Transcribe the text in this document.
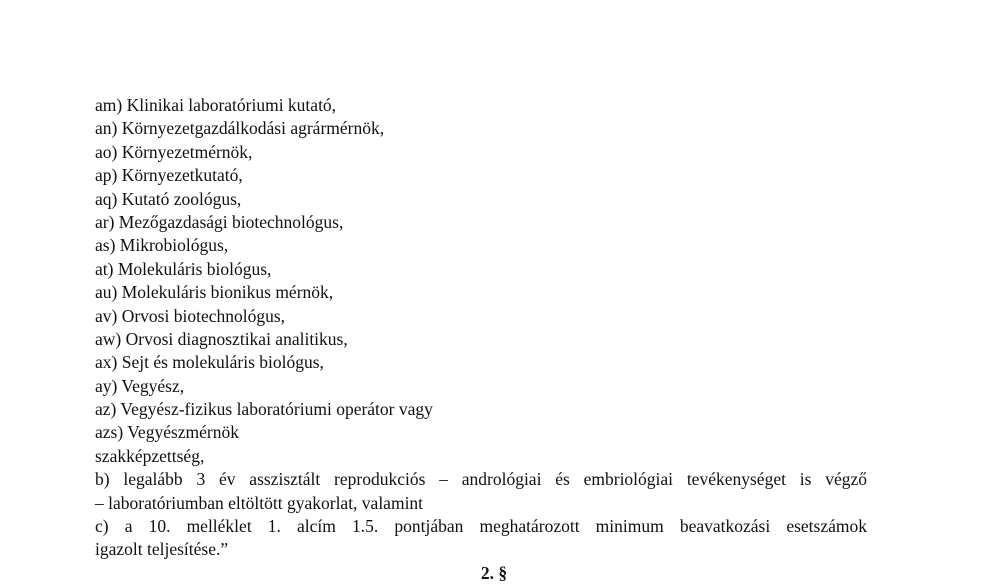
am) Klinikai laboratóriumi kutató,
an) Környezetgazdálkodási agrármérnök,
ao) Környezetmérnök,
ap) Környezetkutató,
aq) Kutató zoológus,
ar) Mezőgazdasági biotechnológus,
as) Mikrobiológus,
at) Molekuláris biológus,
au) Molekuláris bionikus mérnök,
av) Orvosi biotechnológus,
aw) Orvosi diagnosztikai analitikus,
ax) Sejt és molekuláris biológus,
ay) Vegyész,
az) Vegyész-fizikus laboratóriumi operátor vagy
azs) Vegyészmérnök
szakképzettség,
b) legalább 3 év asszisztált reprodukciós – andrológiai és embriológiai tevékenységet is végző
– laboratóriumban eltöltött gyakorlat, valamint
c) a 10. melléklet 1. alcím 1.5. pontjában meghatározott minimum beavatkozási esetszámok
igazolt teljesítése.”
2. §
